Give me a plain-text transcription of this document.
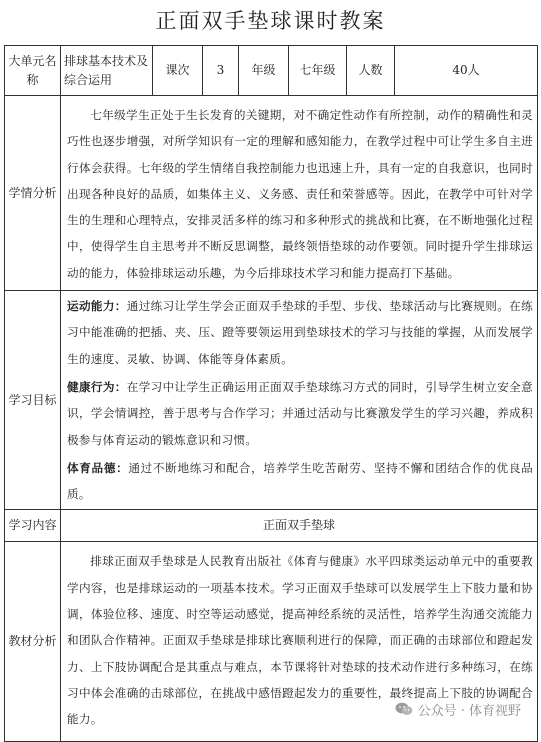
正面双手垫球课时教案
大单元名称	排球基本技术及综合运用	课次	3	年级	七年级	人数	40人
学情分析	七年级学生正处于生长发育的关键期，对不确定性动作有所控制，动作的精确性和灵巧性也逐步增强，对所学知识有一定的理解和感知能力，在教学过程中可让学生多自主进行体会获得。七年级的学生情绪自我控制能力也迅速上升，具有一定的自我意识，也同时出现各种良好的品质，如集体主义、义务感、责任和荣誉感等。因此，在教学中可针对学生的生理和心理特点，安排灵活多样的练习和多种形式的挑战和比赛，在不断地强化过程中，使得学生自主思考并不断反思调整，最终领悟垫球的动作要领。同时提升学生排球运动的能力，体验排球运动乐趣，为今后排球技术学习和能力提高打下基础。						

学习目标	运动能力：通过练习让学生学会正面双手垫球的手型、步伐、垫球活动与比赛规则。在练习中能准确的把插、夹、压、蹬等要领运用到垫球技术的学习与技能的掌握，从而发展学生的速度、灵敏、协调、体能等身体素质。

健康行为：在学习中让学生正确运用正面双手垫球练习方式的同时，引导学生树立安全意识，学会情调控，善于思考与合作学习；并通过活动与比赛激发学生的学习兴趣，养成积极参与体育运动的锻炼意识和习惯。

体育品德：通过不断地练习和配合，培养学生吃苦耐劳、坚持不懈和团结合作的优良品质。						

学习内容	正面双手垫球						
教材分析	排球正面双手垫球是人民教育出版社《体育与健康》水平四球类运动单元中的重要教学内容，也是排球运动的一项基本技术。学习正面双手垫球可以发展学生上下肢力量和协调，体验位移、速度、时空等运动感觉，提高神经系统的灵活性，培养学生沟通交流能力和团队合作精神。正面双手垫球是排球比赛顺利进行的保障，而正确的击球部位和蹬起发力、上下肢协调配合是其重点与难点，本节课将针对垫球的技术动作进行多种练习，在练习中体会准确的击球部位，在挑战中感悟蹬起发力的重要性，最终提高上下肢的协调配合能力。						
公众号 · 体育视野
